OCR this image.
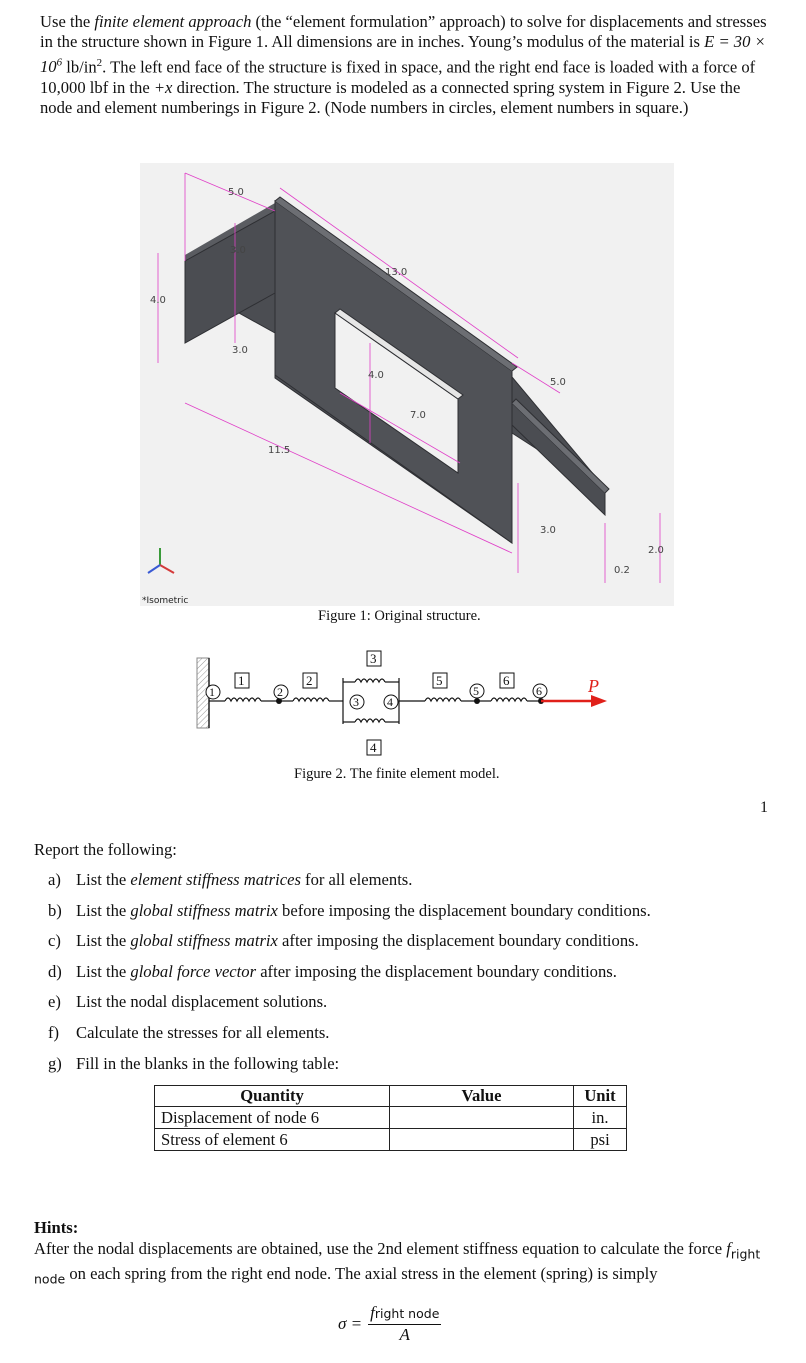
Use the finite element approach (the “element formulation” approach) to solve for displacements and stresses in the structure shown in Figure 1. All dimensions are in inches. Young’s modulus of the material is $E = 30 \times 10^6$ $lb/in^2$. The left end face of the structure is fixed in space, and the right end face is loaded with a force of 10,000 lbf in the +x direction. The structure is modeled as a connected spring system in Figure 2. Use the node and element numberings in Figure 2. (Node numbers in circles, element numbers in square.)
5.0
3.0
3.0
4.0
13.0
4.0
7.0
11.5
5.0
3.0
2.0
0.2
*Isometric
Figure 1: Original structure.
P
1	2
3 4
5	6
1	2
3
4
5	6
Figure 2. The finite element model.
1
Report the following:
a) List the element stiffness matrices for all elements.
b) List the global stiffness matrix before imposing the displacement boundary conditions.
c) List the global stiffness matrix after imposing the displacement boundary conditions.
d) List the global force vector after imposing the displacement boundary conditions.
e) List the nodal displacement solutions.
f) Calculate the stresses for all elements.
g) Fill in the blanks in the following table:
Quantity	Value	Unit
Displacement of node 6		in.
Stress of element 6		psi
Hints:
After the nodal displacements are obtained, use the 2nd element stiffness equation to calculate the force $f_{right node}$ on each spring from the right end node. The axial stress in the element (spring) is simply
σ =
fright node
A
